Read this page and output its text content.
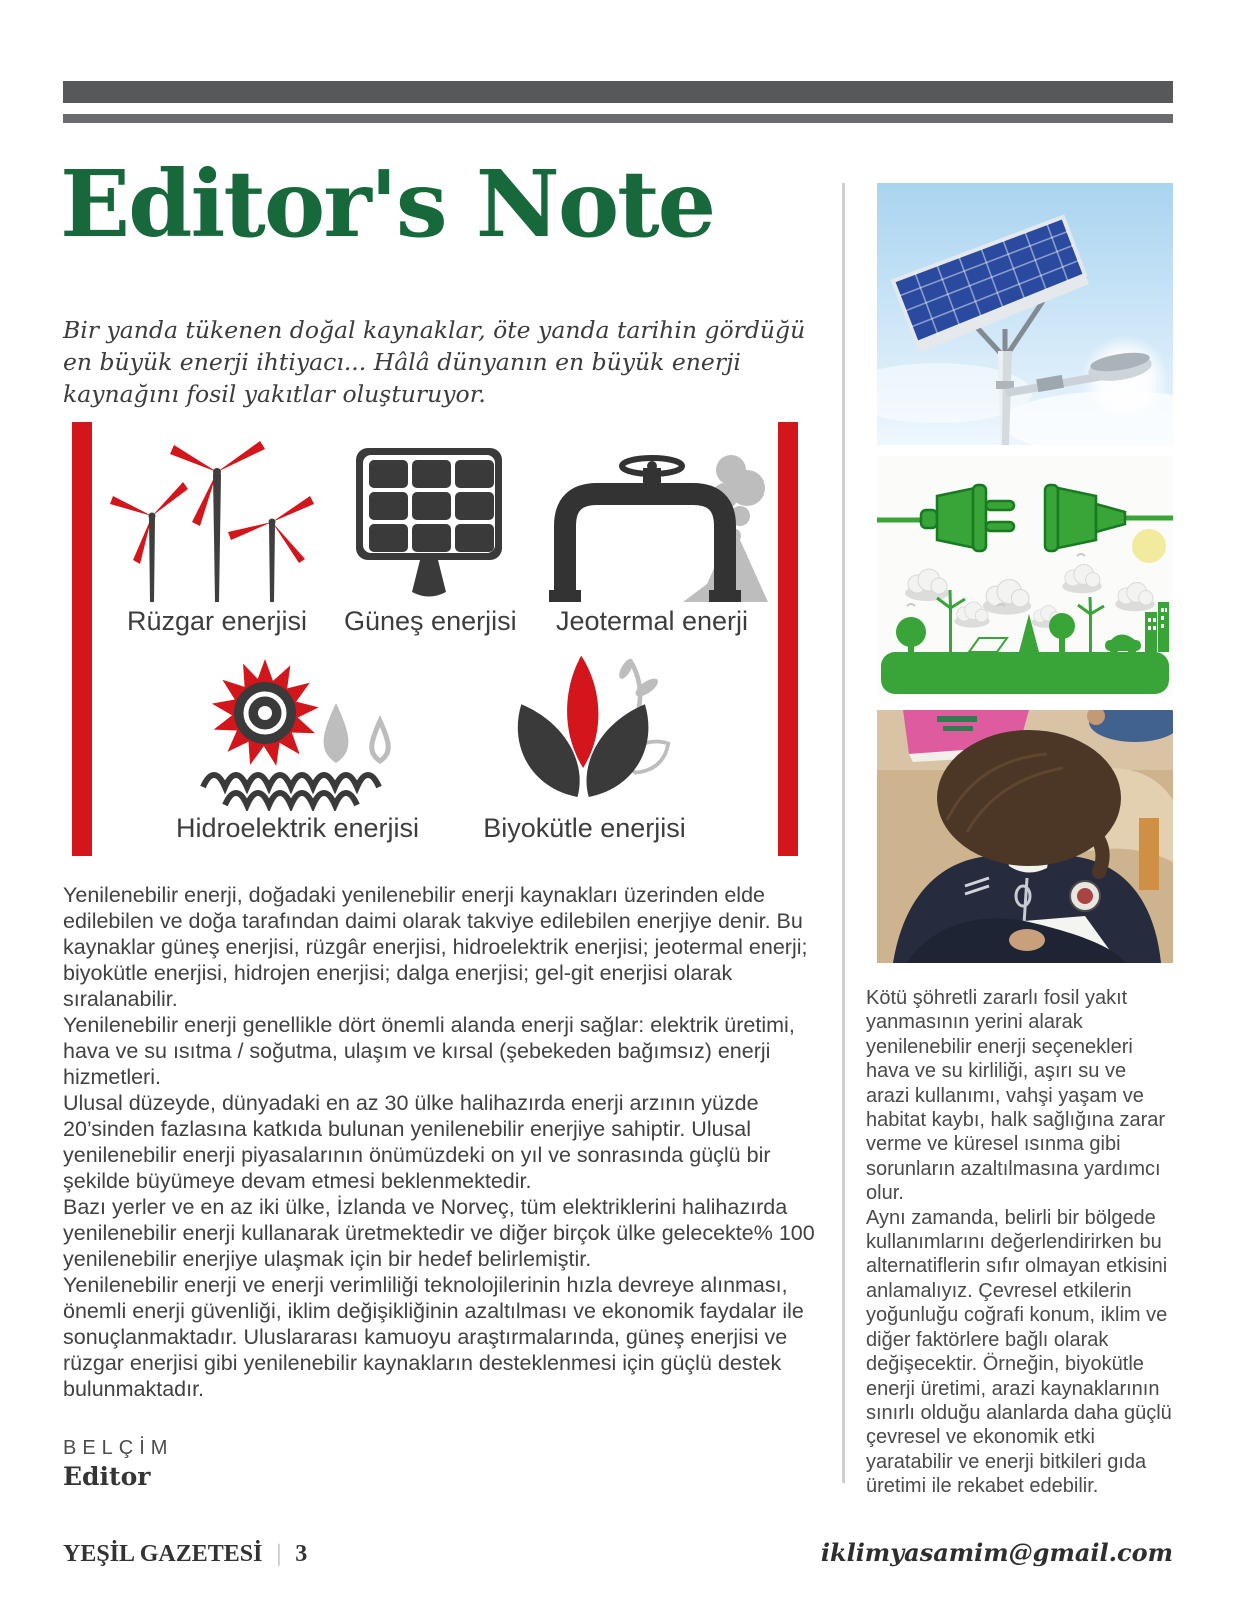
Editor's Note
Bir yanda tükenen doğal kaynaklar, öte yanda tarihin gördüğü en büyük enerji ihtiyacı... Hâlâ dünyanın en büyük enerji kaynağını fosil yakıtlar oluşturuyor.
Rüzgar enerjisi	Güneş enerjisi	Jeotermal enerji
Hidroelektrik enerjisi	Biyokütle enerjisi

Yenilenebilir enerji, doğadaki yenilenebilir enerji kaynakları üzerinden elde edilebilen ve doğa tarafından daimi olarak takviye edilebilen enerjiye denir. Bu kaynaklar güneş enerjisi, rüzgâr enerjisi, hidroelektrik enerjisi; jeotermal enerji; biyokütle enerjisi, hidrojen enerjisi; dalga enerjisi; gel-git enerjisi olarak sıralanabilir.

Yenilenebilir enerji genellikle dört önemli alanda enerji sağlar: elektrik üretimi, hava ve su ısıtma / soğutma, ulaşım ve kırsal (şebekeden bağımsız) enerji hizmetleri.

Ulusal düzeyde, dünyadaki en az 30 ülke halihazırda enerji arzının yüzde 20’sinden fazlasına katkıda bulunan yenilenebilir enerjiye sahiptir. Ulusal yenilenebilir enerji piyasalarının önümüzdeki on yıl ve sonrasında güçlü bir şekilde büyümeye devam etmesi beklenmektedir.

Bazı yerler ve en az iki ülke, İzlanda ve Norveç, tüm elektriklerini halihazırda yenilenebilir enerji kullanarak üretmektedir ve diğer birçok ülke gelecekte% 100 yenilenebilir enerjiye ulaşmak için bir hedef belirlemiştir.

Yenilenebilir enerji ve enerji verimliliği teknolojilerinin hızla devreye alınması, önemli enerji güvenliği, iklim değişikliğinin azaltılması ve ekonomik faydalar ile sonuçlanmaktadır. Uluslararası kamuoyu araştırmalarında, güneş enerjisi ve rüzgar enerjisi gibi yenilenebilir kaynakların desteklenmesi için güçlü destek bulunmaktadır.

BELÇİM
Editor
YEŞİL GAZETESİ | 3	iklimyasamim@gmail.com

Kötü şöhretli zararlı fosil yakıt yanmasının yerini alarak yenilenebilir enerji seçenekleri hava ve su kirliliği, aşırı su ve arazi kullanımı, vahşi yaşam ve habitat kaybı, halk sağlığına zarar verme ve küresel ısınma gibi sorunların azaltılmasına yardımcı olur.

Aynı zamanda, belirli bir bölgede kullanımlarını değerlendirirken bu alternatiflerin sıfır olmayan etkisini anlamalıyız. Çevresel etkilerin yoğunluğu coğrafi konum, iklim ve diğer faktörlere bağlı olarak değişecektir. Örneğin, biyokütle enerji üretimi, arazi kaynaklarının sınırlı olduğu alanlarda daha güçlü çevresel ve ekonomik etki yaratabilir ve enerji bitkileri gıda üretimi ile rekabet edebilir.
